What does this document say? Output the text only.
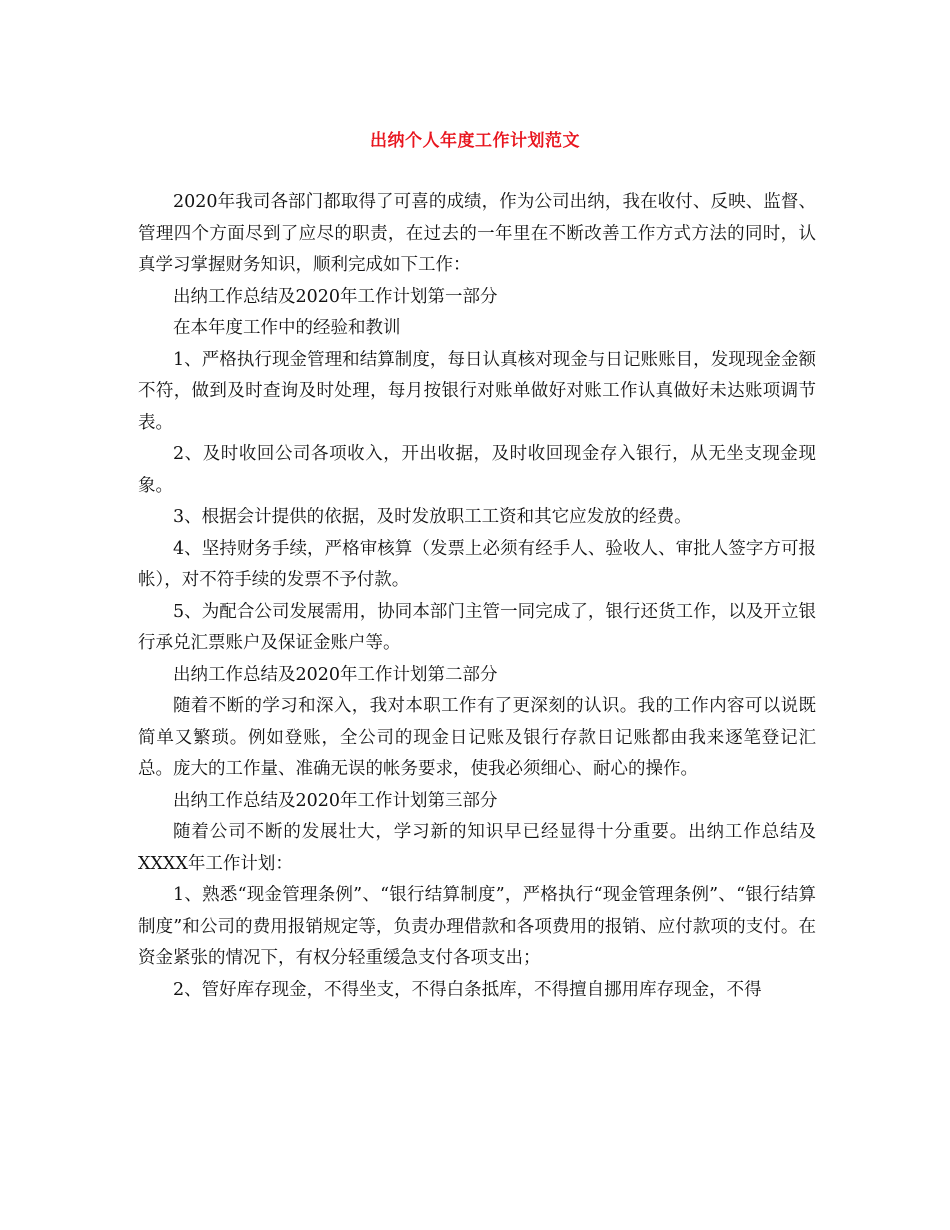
出纳个人年度工作计划范文

2020年我司各部门都取得了可喜的成绩，作为公司出纳，我在收付、反映、监督、管理四个方面尽到了应尽的职责，在过去的一年里在不断改善工作方式方法的同时，认真学习掌握财务知识，顺利完成如下工作：

出纳工作总结及2020年工作计划第一部分

在本年度工作中的经验和教训

1、严格执行现金管理和结算制度，每日认真核对现金与日记账账目，发现现金金额不符，做到及时查询及时处理，每月按银行对账单做好对账工作认真做好未达账项调节表。

2、及时收回公司各项收入，开出收据，及时收回现金存入银行，从无坐支现金现象。

3、根据会计提供的依据，及时发放职工工资和其它应发放的经费。

4、坚持财务手续，严格审核算（发票上必须有经手人、验收人、审批人签字方可报帐），对不符手续的发票不予付款。

5、为配合公司发展需用，协同本部门主管一同完成了，银行还货工作，以及开立银行承兑汇票账户及保证金账户等。

出纳工作总结及2020年工作计划第二部分

随着不断的学习和深入，我对本职工作有了更深刻的认识。我的工作内容可以说既简单又繁琐。例如登账，全公司的现金日记账及银行存款日记账都由我来逐笔登记汇总。庞大的工作量、准确无误的帐务要求，使我必须细心、耐心的操作。

出纳工作总结及2020年工作计划第三部分

随着公司不断的发展壮大，学习新的知识早已经显得十分重要。出纳工作总结及XXXX年工作计划：

1、熟悉“现金管理条例”、“银行结算制度”，严格执行“现金管理条例”、“银行结算制度”和公司的费用报销规定等，负责办理借款和各项费用的报销、应付款项的支付。在资金紧张的情况下，有权分轻重缓急支付各项支出；

2、管好库存现金，不得坐支，不得白条抵库，不得擅自挪用库存现金，不得
